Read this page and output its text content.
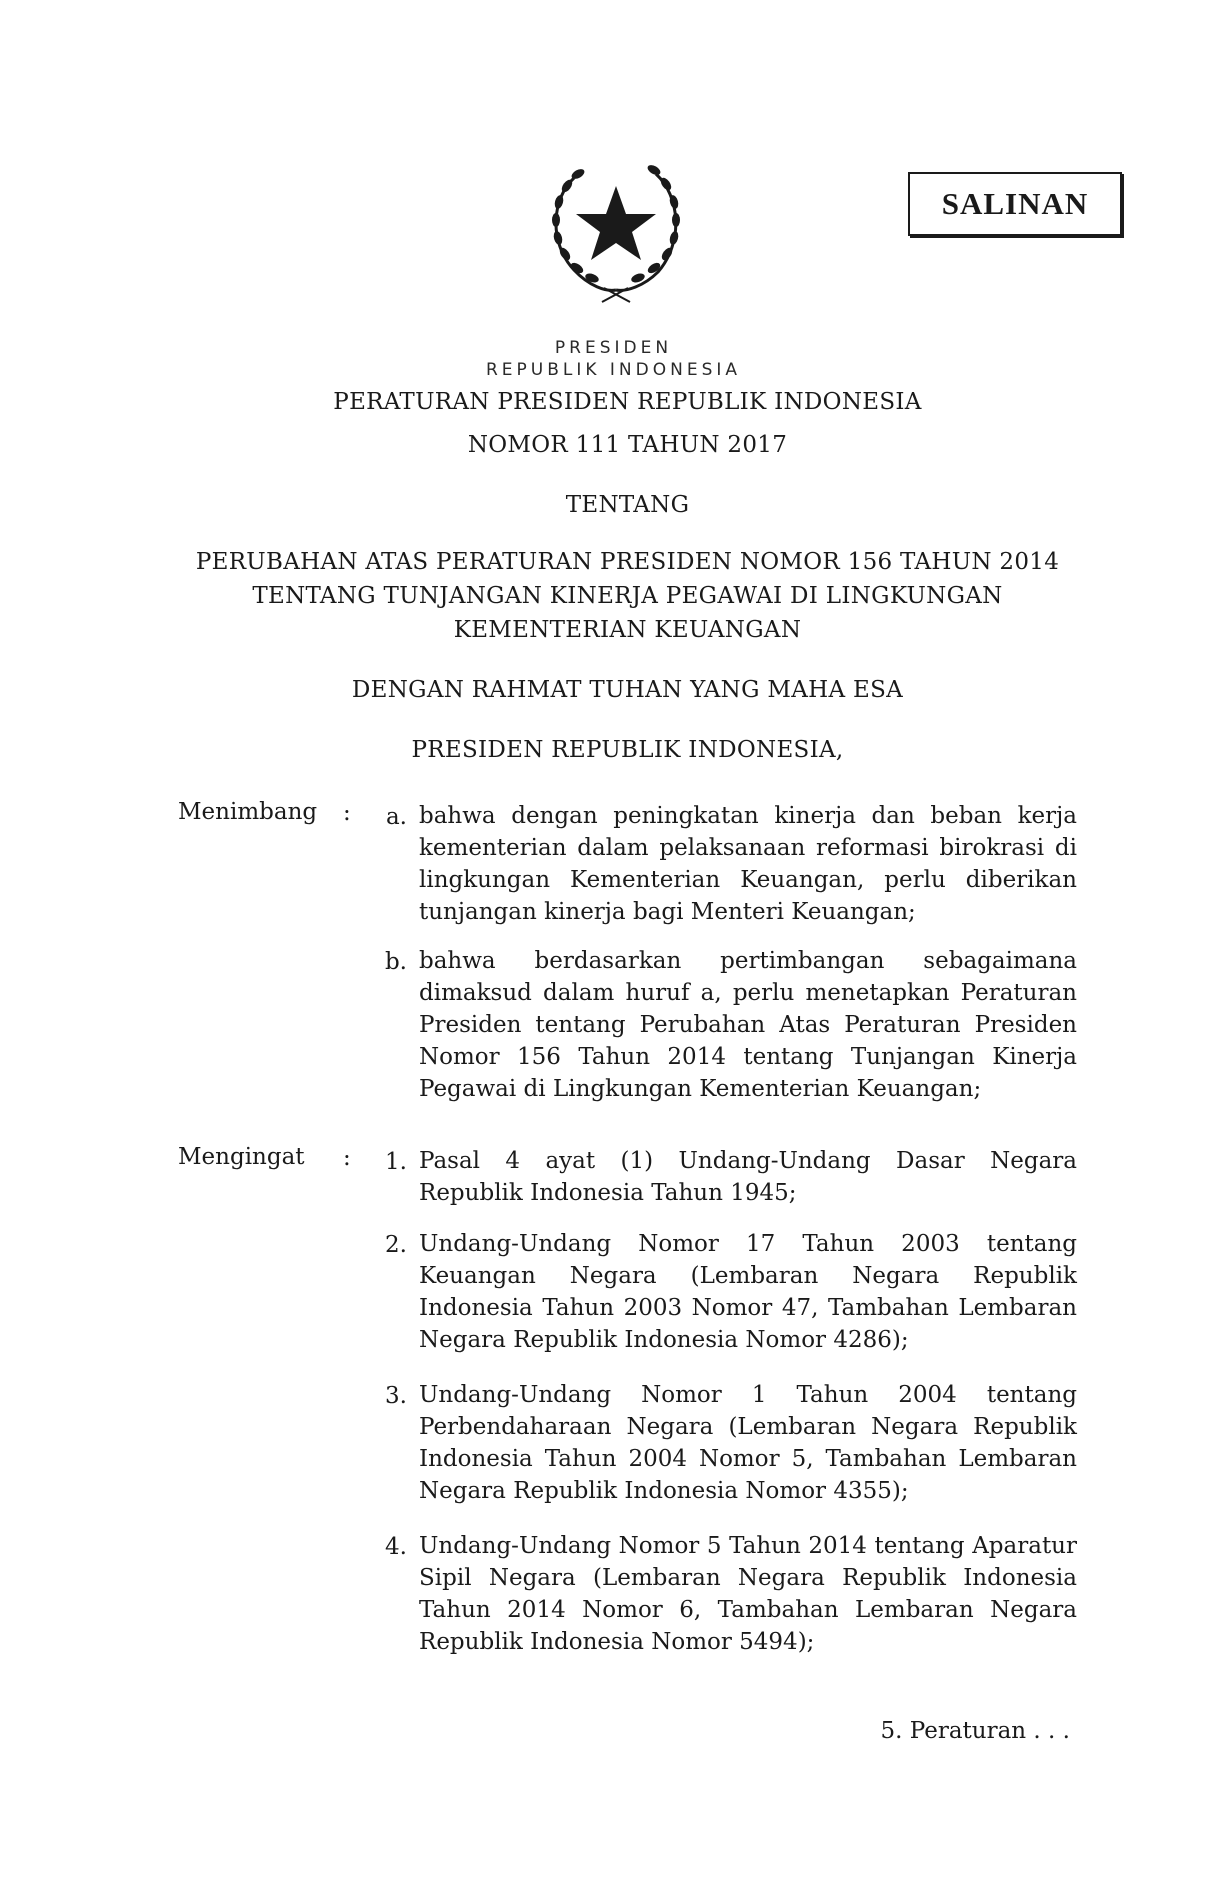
SALINAN
PRESIDEN
REPUBLIK INDONESIA
PERATURAN PRESIDEN REPUBLIK INDONESIA
NOMOR 111 TAHUN 2017
TENTANG
PERUBAHAN ATAS PERATURAN PRESIDEN NOMOR 156 TAHUN 2014
TENTANG TUNJANGAN KINERJA PEGAWAI DI LINGKUNGAN
KEMENTERIAN KEUANGAN
DENGAN RAHMAT TUHAN YANG MAHA ESA
PRESIDEN REPUBLIK INDONESIA,
Menimbang :	a. bahwa dengan peningkatan kinerja dan beban kerja kementerian dalam pelaksanaan reformasi birokrasi di lingkungan Kementerian Keuangan, perlu diberikan tunjangan kinerja bagi Menteri Keuangan;
b. bahwa berdasarkan pertimbangan sebagaimana dimaksud dalam huruf a, perlu menetapkan Peraturan Presiden tentang Perubahan Atas Peraturan Presiden Nomor 156 Tahun 2014 tentang Tunjangan Kinerja Pegawai di Lingkungan Kementerian Keuangan;
Mengingat :	1. Pasal 4 ayat (1) Undang-Undang Dasar Negara Republik Indonesia Tahun 1945;
2. Undang-Undang Nomor 17 Tahun 2003 tentang Keuangan Negara (Lembaran Negara Republik Indonesia Tahun 2003 Nomor 47, Tambahan Lembaran Negara Republik Indonesia Nomor 4286);
3. Undang-Undang Nomor 1 Tahun 2004 tentang Perbendaharaan Negara (Lembaran Negara Republik Indonesia Tahun 2004 Nomor 5, Tambahan Lembaran Negara Republik Indonesia Nomor 4355);
4. Undang-Undang Nomor 5 Tahun 2014 tentang Aparatur Sipil Negara (Lembaran Negara Republik Indonesia Tahun 2014 Nomor 6, Tambahan Lembaran Negara Republik Indonesia Nomor 5494);
5. Peraturan . . .
